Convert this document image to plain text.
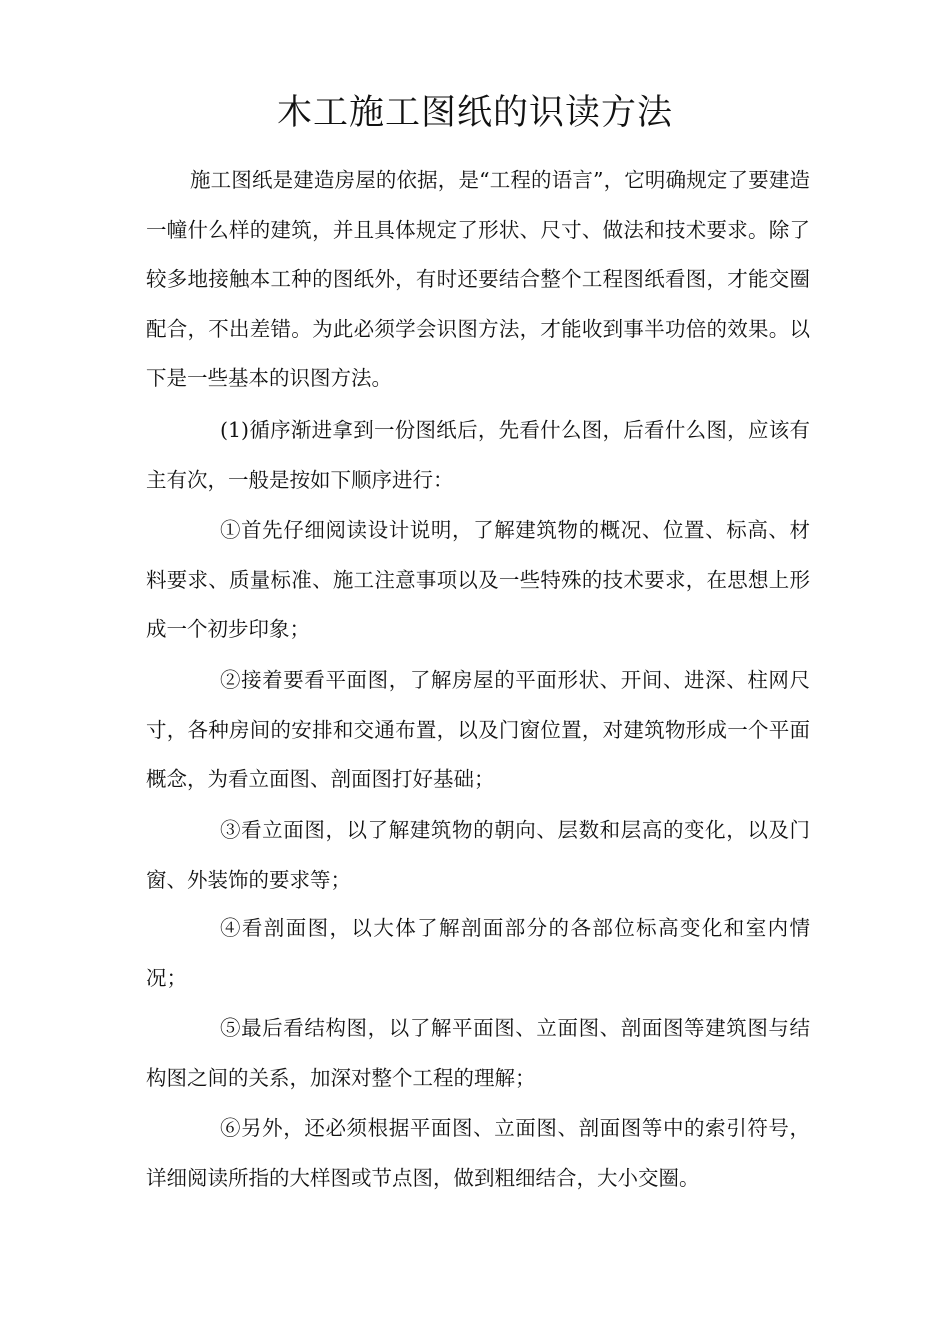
木工施工图纸的识读方法

施工图纸是建造房屋的依据，是“工程的语言”，它明确规定了要建造一幢什么样的建筑，并且具体规定了形状、尺寸、做法和技术要求。除了较多地接触本工种的图纸外，有时还要结合整个工程图纸看图，才能交圈配合，不出差错。为此必须学会识图方法，才能收到事半功倍的效果。以下是一些基本的识图方法。

(1)循序渐进拿到一份图纸后，先看什么图，后看什么图，应该有主有次，一般是按如下顺序进行：

①首先仔细阅读设计说明，了解建筑物的概况、位置、标高、材料要求、质量标准、施工注意事项以及一些特殊的技术要求，在思想上形成一个初步印象；

②接着要看平面图，了解房屋的平面形状、开间、进深、柱网尺寸，各种房间的安排和交通布置，以及门窗位置，对建筑物形成一个平面概念，为看立面图、剖面图打好基础；

③看立面图，以了解建筑物的朝向、层数和层高的变化，以及门窗、外装饰的要求等；

④看剖面图，以大体了解剖面部分的各部位标高变化和室内情况；

⑤最后看结构图，以了解平面图、立面图、剖面图等建筑图与结构图之间的关系，加深对整个工程的理解；

⑥另外，还必须根据平面图、立面图、剖面图等中的索引符号，详细阅读所指的大样图或节点图，做到粗细结合，大小交圈。
